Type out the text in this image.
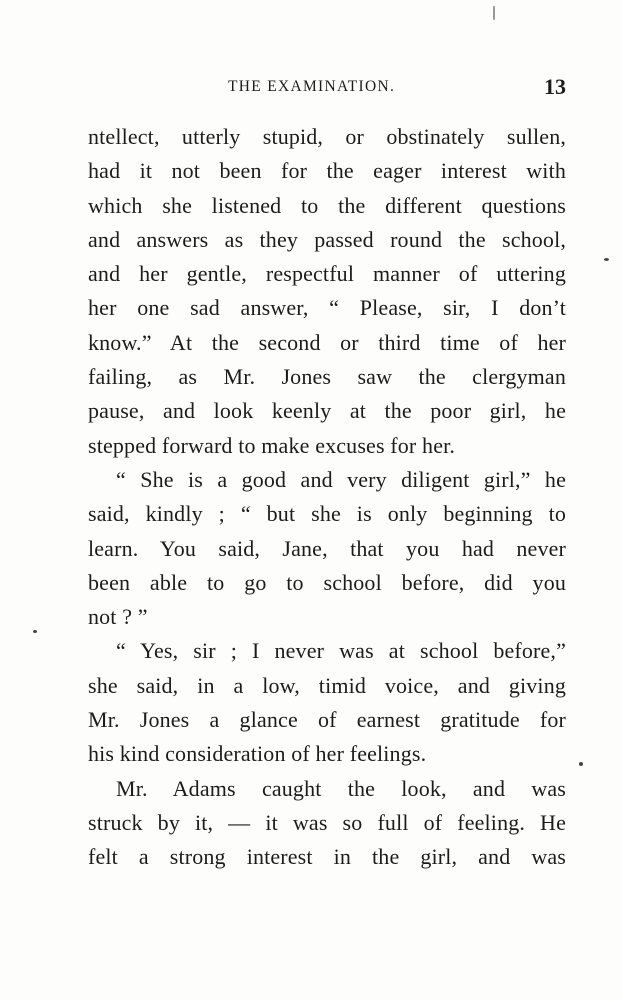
THE EXAMINATION.	13
ntellect, utterly stupid, or obstinately sullen,
had it not been for the eager interest with
which she listened to the different questions
and answers as they passed round the school,
and her gentle, respectful manner of uttering
her one sad answer, “ Please, sir, I don’t
know.” At the second or third time of her
failing, as Mr. Jones saw the clergyman
pause, and look keenly at the poor girl, he
stepped forward to make excuses for her.
“ She is a good and very diligent girl,” he
said, kindly ; “ but she is only beginning to
learn. You said, Jane, that you had never
been able to go to school before, did you
not ? ”
“ Yes, sir ; I never was at school before,”
she said, in a low, timid voice, and giving
Mr. Jones a glance of earnest gratitude for
his kind consideration of her feelings.
Mr. Adams caught the look, and was
struck by it, — it was so full of feeling. He
felt a strong interest in the girl, and was
